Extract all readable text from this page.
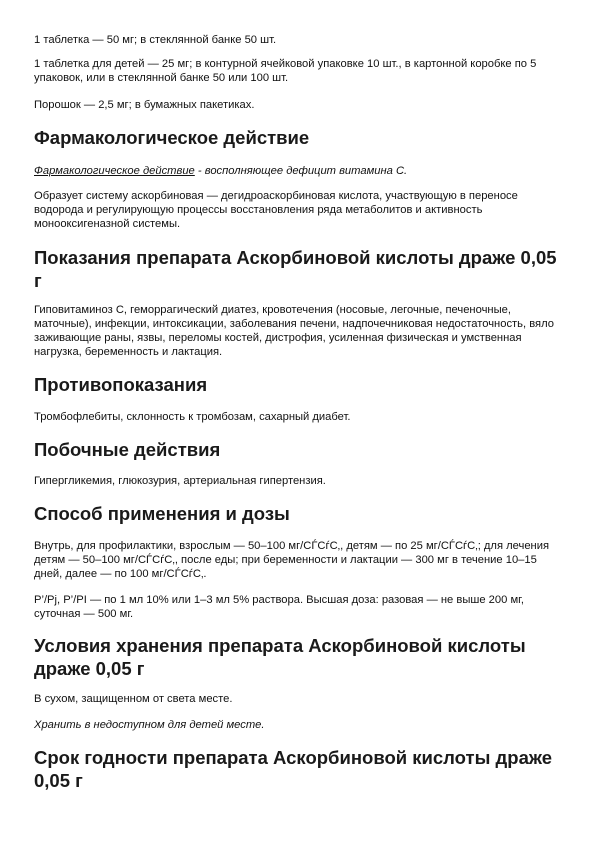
1 таблетка — 50 мг; в стеклянной банке 50 шт.

1 таблетка для детей — 25 мг; в контурной ячейковой упаковке 10 шт., в картонной коробке по 5 упаковок, или в стеклянной банке 50 или 100 шт.

Порошок — 2,5 мг; в бумажных пакетиках.

Фармакологическое действие

Фармакологическое действие - восполняющее дефицит витамина С.

Образует систему аскорбиновая — дегидроаскорбиновая кислота, участвующую в переносе водорода и регулирующую процессы восстановления ряда метаболитов и активность монооксигеназной системы.

Показания препарата Аскорбиновой кислоты драже 0,05 г

Гиповитаминоз С, геморрагический диатез, кровотечения (носовые, легочные, печеночные, маточные), инфекции, интоксикации, заболевания печени, надпочечниковая недостаточность, вяло заживающие раны, язвы, переломы костей, дистрофия, усиленная физическая и умственная нагрузка, беременность и лактация.

Противопоказания

Тромбофлебиты, склонность к тромбозам, сахарный диабет.

Побочные действия

Гипергликемия, глюкозурия, артериальная гипертензия.

Способ применения и дозы

Внутрь, для профилактики, взрослым — 50–100 мг/СЃСѓС‚, детям — по 25 мг/СЃСѓС‚; для лечения детям — 50–100 мг/СЃСѓС‚, после еды; при беременности и лактации — 300 мг в течение 10–15 дней, далее — по 100 мг/СЃСѓС‚.

Р’/Рј, Р’/РІ — по 1 мл 10% или 1–3 мл 5% раствора. Высшая доза: разовая — не выше 200 мг, суточная — 500 мг.

Условия хранения препарата Аскорбиновой кислоты драже 0,05 г

В сухом, защищенном от света месте.

Хранить в недоступном для детей месте.

Срок годности препарата Аскорбиновой кислоты драже 0,05 г
